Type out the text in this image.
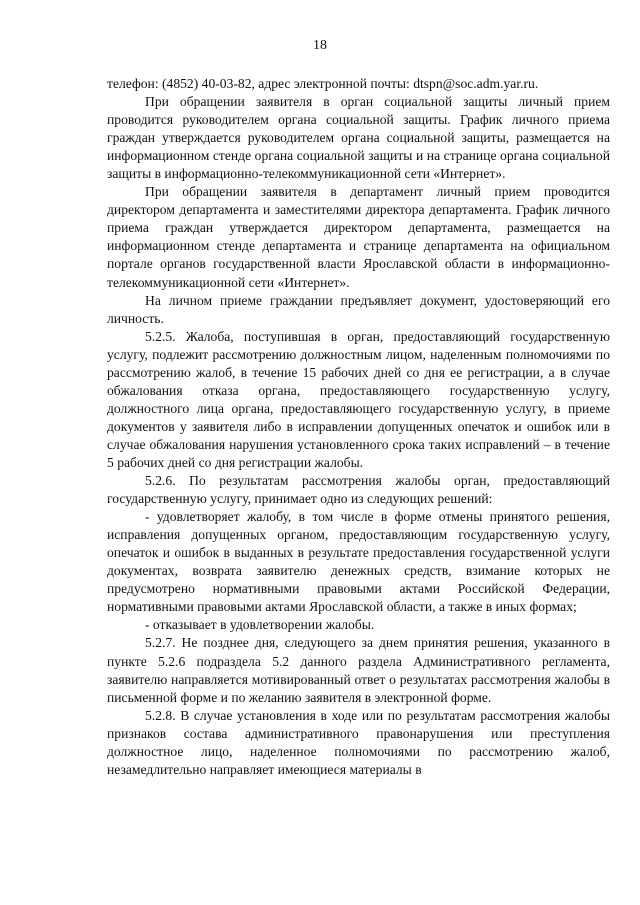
18

телефон: (4852) 40-03-82, адрес электронной почты: dtspn@soc.adm.yar.ru.

При обращении заявителя в орган социальной защиты личный прием проводится руководителем органа социальной защиты. График личного приема граждан утверждается руководителем органа социальной защиты, размещается на информационном стенде органа социальной защиты и на странице органа социальной защиты в информационно-телекоммуникационной сети «Интернет».

При обращении заявителя в департамент личный прием проводится директором департамента и заместителями директора департамента. График личного приема граждан утверждается директором департамента, размещается на информационном стенде департамента и странице департамента на официальном портале органов государственной власти Ярославской области в информационно-телекоммуникационной сети «Интернет».

На личном приеме граждании предъявляет документ, удостоверяющий его личность.

5.2.5. Жалоба, поступившая в орган, предоставляющий государственную услугу, подлежит рассмотрению должностным лицом, наделенным полномочиями по рассмотрению жалоб, в течение 15 рабочих дней со дня ее регистрации, а в случае обжалования отказа органа, предоставляющего государственную услугу, должностного лица органа, предоставляющего государственную услугу, в приеме документов у заявителя либо в исправлении допущенных опечаток и ошибок или в случае обжалования нарушения установленного срока таких исправлений – в течение 5 рабочих дней со дня регистрации жалобы.

5.2.6. По результатам рассмотрения жалобы орган, предоставляющий государственную услугу, принимает одно из следующих решений:

- удовлетворяет жалобу, в том числе в форме отмены принятого решения, исправления допущенных органом, предоставляющим государственную услугу, опечаток и ошибок в выданных в результате предоставления государственной услуги документах, возврата заявителю денежных средств, взимание которых не предусмотрено нормативными правовыми актами Российской Федерации, нормативными правовыми актами Ярославской области, а также в иных формах;

- отказывает в удовлетворении жалобы.

5.2.7. Не позднее дня, следующего за днем принятия решения, указанного в пункте 5.2.6 подраздела 5.2 данного раздела Административного регламента, заявителю направляется мотивированный ответ о результатах рассмотрения жалобы в письменной форме и по желанию заявителя в электронной форме.

5.2.8. В случае установления в ходе или по результатам рассмотрения жалобы признаков состава административного правонарушения или преступления должностное лицо, наделенное полномочиями по рассмотрению жалоб, незамедлительно направляет имеющиеся материалы в
